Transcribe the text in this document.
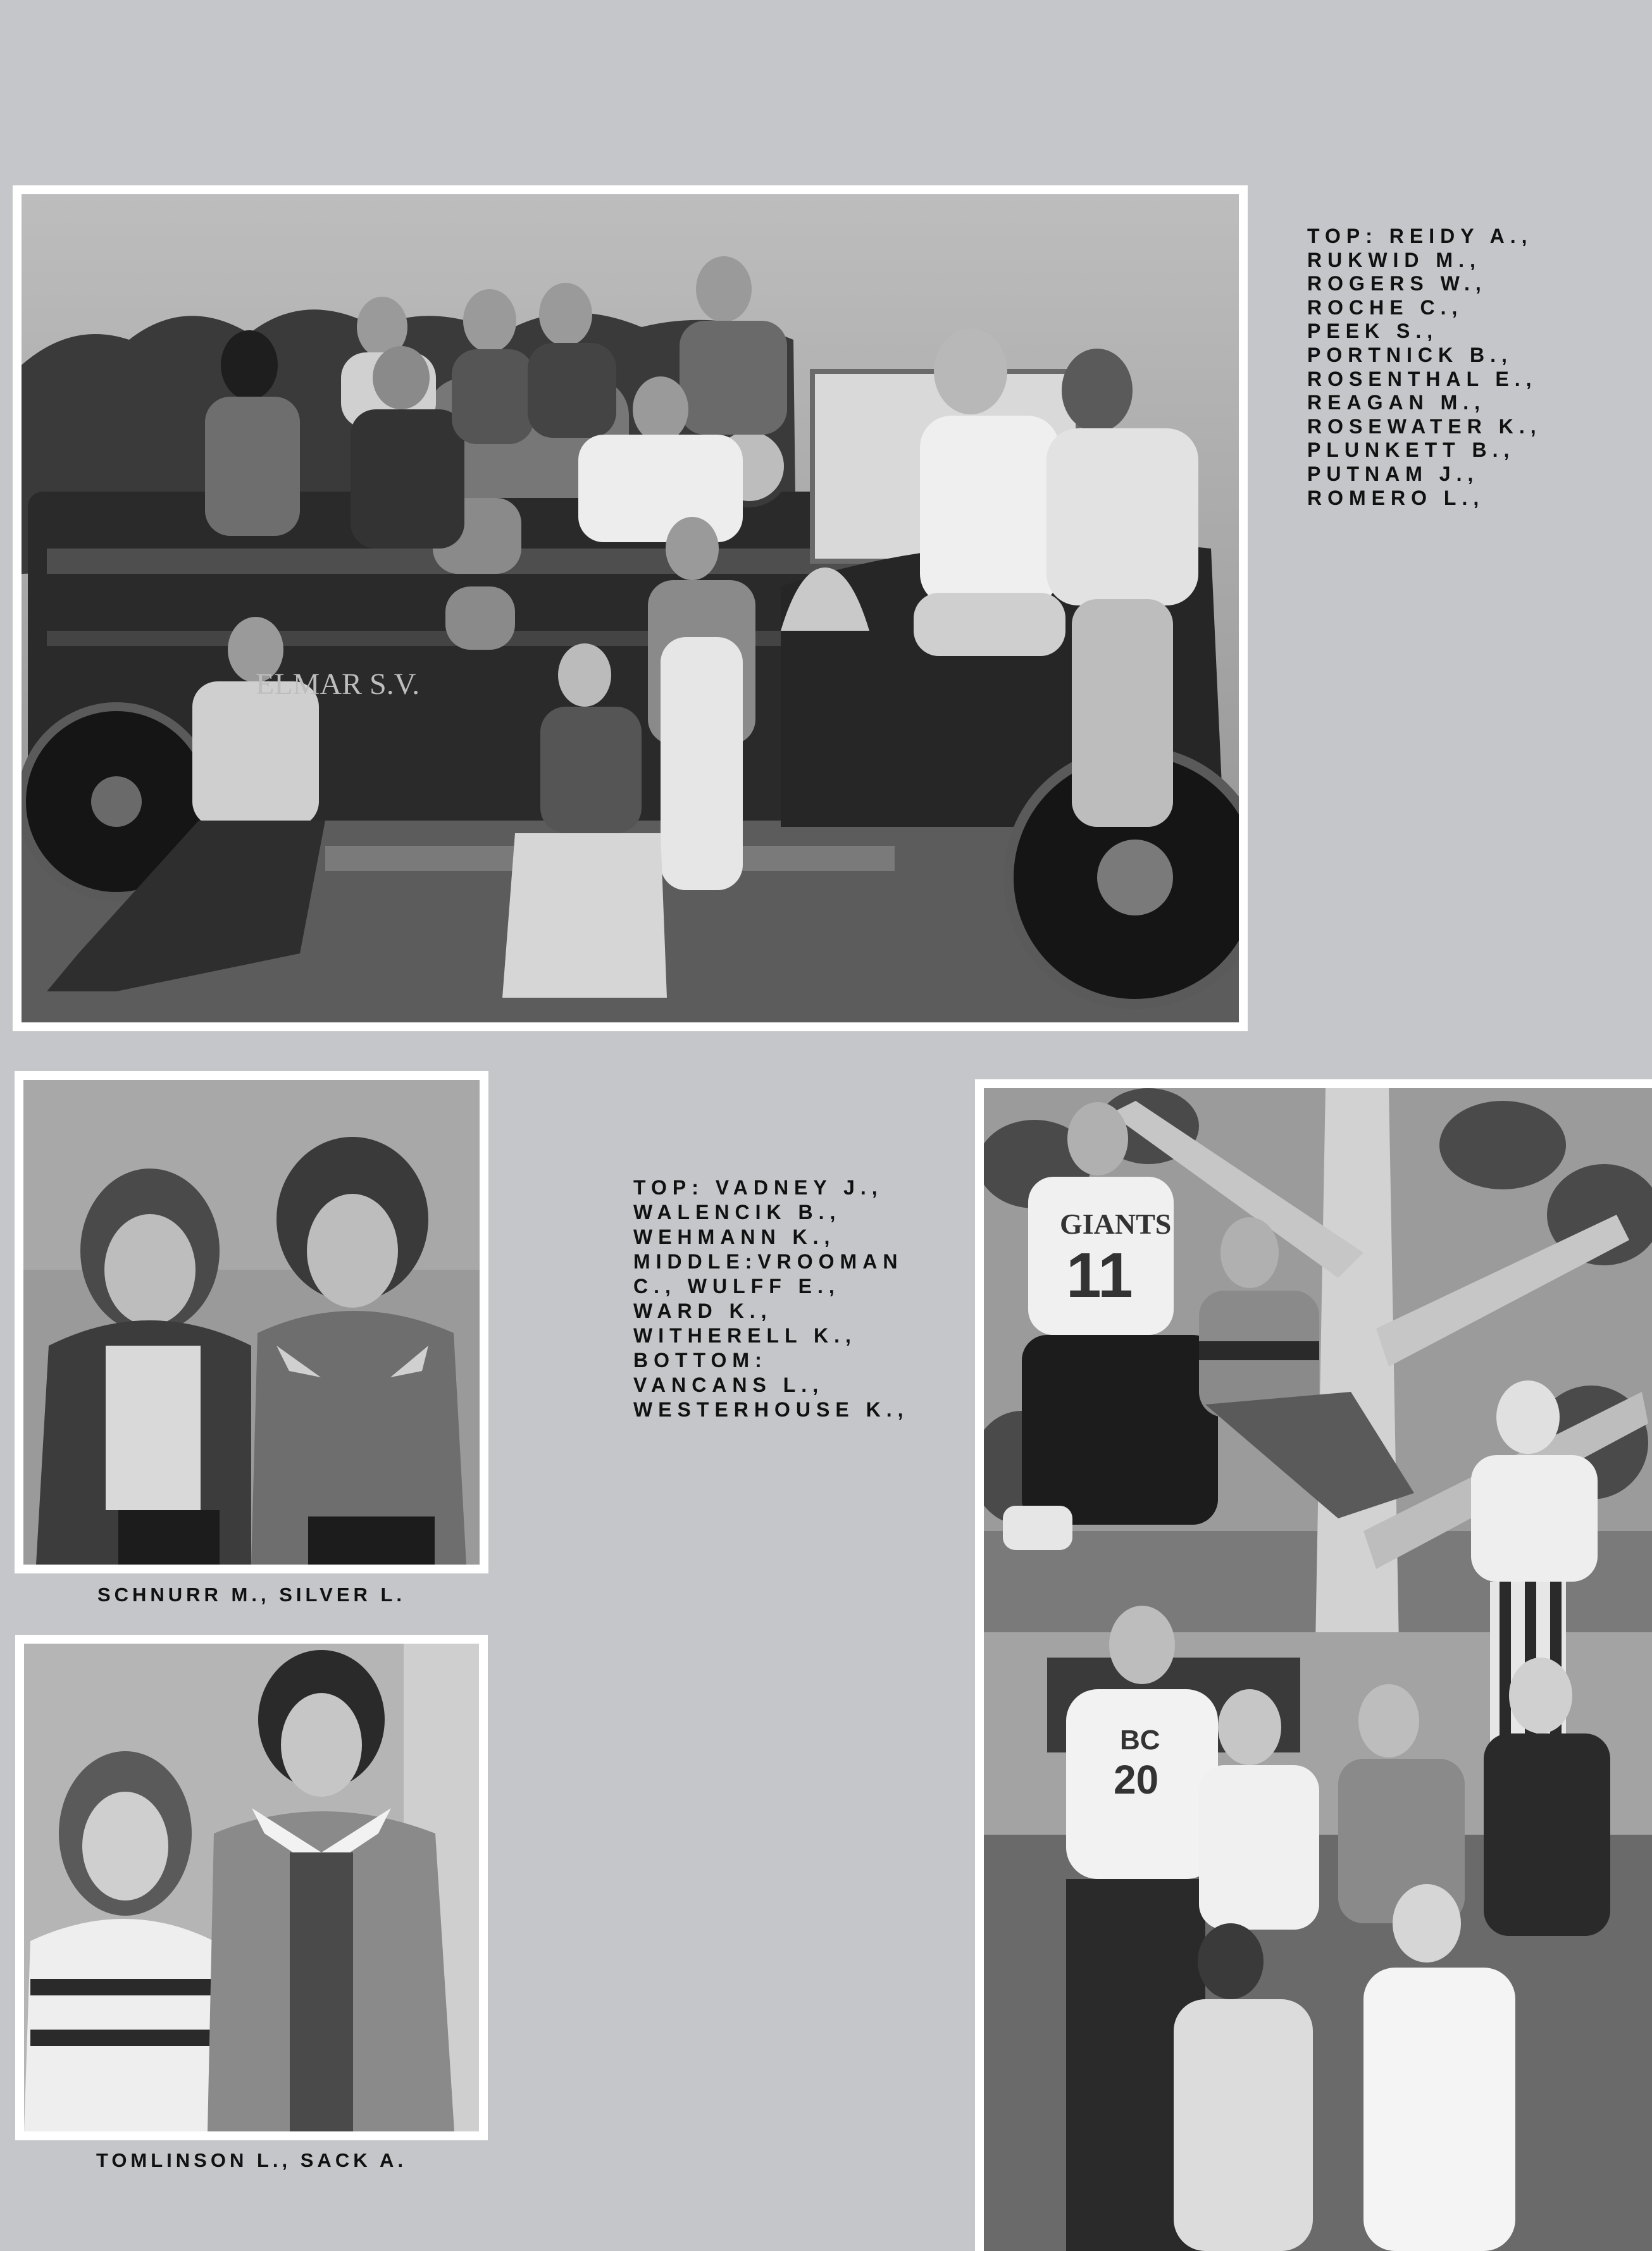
ELMAR S.V.
TOP: REIDY A.,
RUKWID M.,
ROGERS W.,
ROCHE C.,
PEEK S.,
PORTNICK B.,
ROSENTHAL E.,
REAGAN M.,
ROSEWATER K.,
PLUNKETT B.,
PUTNAM J.,
ROMERO L.,
SCHNURR M., SILVER L.
TOMLINSON L., SACK A.
TOP: VADNEY J.,
WALENCIK B.,
WEHMANN K.,
MIDDLE:VROOMAN
C., WULFF E.,
WARD K.,
WITHERELL K.,
BOTTOM:
VANCANS L.,
WESTERHOUSE K.,
GIANTS
11
BC
20
